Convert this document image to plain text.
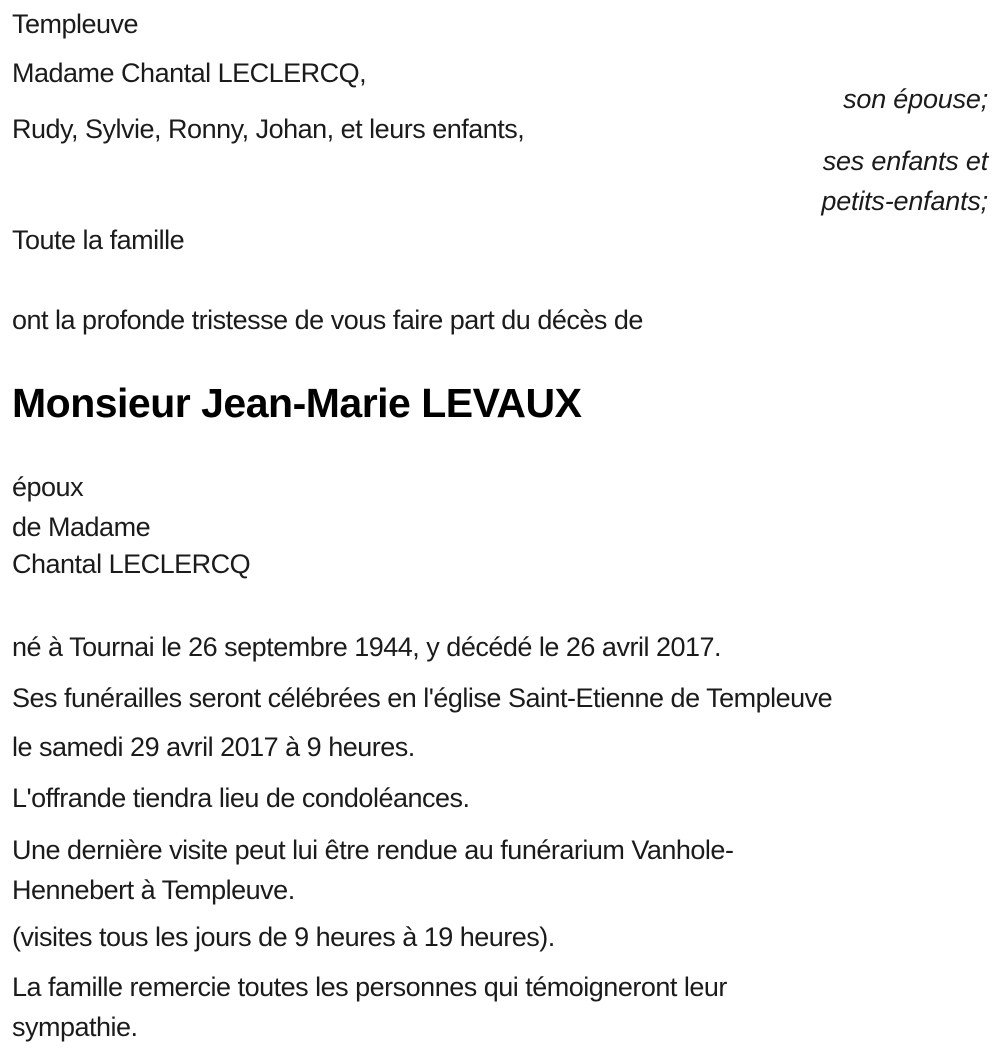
Templeuve
Madame Chantal LECLERCQ,
son épouse;
Rudy, Sylvie, Ronny, Johan, et leurs enfants,
ses enfants et
petits-enfants;
Toute la famille
ont la profonde tristesse de vous faire part du décès de
Monsieur Jean-Marie LEVAUX
époux
de Madame
Chantal LECLERCQ
né à Tournai le 26 septembre 1944, y décédé le 26 avril 2017.
Ses funérailles seront célébrées en l'église Saint-Etienne de Templeuve
le samedi 29 avril 2017 à 9 heures.
L'offrande tiendra lieu de condoléances.
Une dernière visite peut lui être rendue au funérarium Vanhole-
Hennebert à Templeuve.
(visites tous les jours de 9 heures à 19 heures).
La famille remercie toutes les personnes qui témoigneront leur
sympathie.
